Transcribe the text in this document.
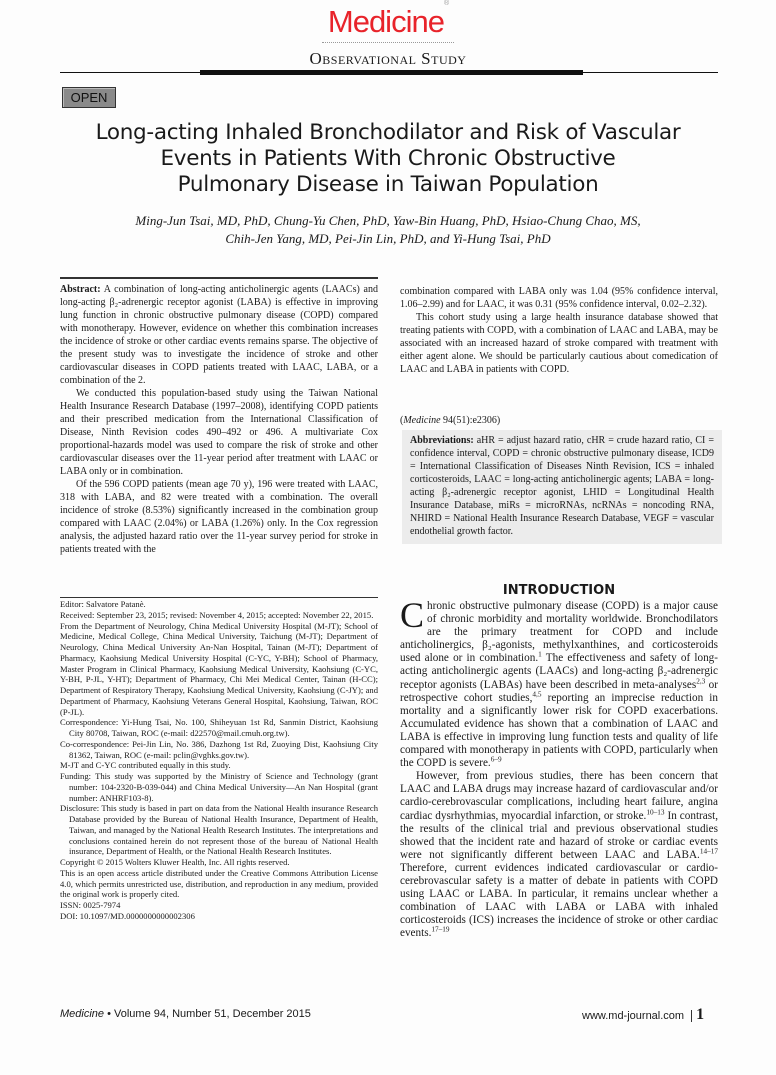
Medicine®
Observational Study
OPEN
Long-acting Inhaled Bronchodilator and Risk of Vascular
Events in Patients With Chronic Obstructive
Pulmonary Disease in Taiwan Population
Ming-Jun Tsai, MD, PhD, Chung-Yu Chen, PhD, Yaw-Bin Huang, PhD, Hsiao-Chung Chao, MS,
Chih-Jen Yang, MD, Pei-Jin Lin, PhD, and Yi-Hung Tsai, PhD

Abstract: A combination of long-acting anticholinergic agents (LAACs) and long-acting β₂-adrenergic receptor agonist (LABA) is effective in improving lung function in chronic obstructive pulmonary disease (COPD) compared with monotherapy. However, evidence on whether this combination increases the incidence of stroke or other cardiac events remains sparse. The objective of the present study was to investigate the incidence of stroke and other cardiovascular diseases in COPD patients treated with LAAC, LABA, or a combination of the 2.

We conducted this population-based study using the Taiwan National Health Insurance Research Database (1997–2008), identifying COPD patients and their prescribed medication from the International Classification of Disease, Ninth Revision codes 490–492 or 496. A multivariate Cox proportional-hazards model was used to compare the risk of stroke and other cardiovascular diseases over the 11-year period after treatment with LAAC or LABA only or in combination.

Of the 596 COPD patients (mean age 70 y), 196 were treated with LAAC, 318 with LABA, and 82 were treated with a combination. The overall incidence of stroke (8.53%) significantly increased in the combination group compared with LAAC (2.04%) or LABA (1.26%) only. In the Cox regression analysis, the adjusted hazard ratio over the 11-year survey period for stroke in patients treated with the

combination compared with LABA only was 1.04 (95% confidence interval, 1.06–2.99) and for LAAC, it was 0.31 (95% confidence interval, 0.02–2.32).

This cohort study using a large health insurance database showed that treating patients with COPD, with a combination of LAAC and LABA, may be associated with an increased hazard of stroke compared with treatment with either agent alone. We should be particularly cautious about comedication of LAAC and LABA in patients with COPD.

(Medicine 94(51):e2306)

Abbreviations: aHR = adjust hazard ratio, cHR = crude hazard ratio, CI = confidence interval, COPD = chronic obstructive pulmonary disease, ICD9 = International Classification of Diseases Ninth Revision, ICS = inhaled corticosteroids, LAAC = long-acting anticholinergic agents; LABA = long-acting β₂-adrenergic receptor agonist, LHID = Longitudinal Health Insurance Database, miRs = microRNAs, ncRNAs = noncoding RNA, NHIRD = National Health Insurance Research Database, VEGF = vascular endothelial growth factor.

Editor: Salvatore Patanè.

Received: September 23, 2015; revised: November 4, 2015; accepted: November 22, 2015.

From the Department of Neurology, China Medical University Hospital (M-JT); School of Medicine, Medical College, China Medical University, Taichung (M-JT); Department of Neurology, China Medical University An-Nan Hospital, Tainan (M-JT); Department of Pharmacy, Kaohsiung Medical University Hospital (C-YC, Y-BH); School of Pharmacy, Master Program in Clinical Pharmacy, Kaohsiung Medical University, Kaohsiung (C-YC, Y-BH, P-JL, Y-HT); Department of Pharmacy, Chi Mei Medical Center, Tainan (H-CC); Department of Respiratory Therapy, Kaohsiung Medical University, Kaohsiung (C-JY); and Department of Pharmacy, Kaohsiung Veterans General Hospital, Kaohsiung, Taiwan, ROC (P-JL).

Correspondence: Yi-Hung Tsai, No. 100, Shiheyuan 1st Rd, Sanmin District, Kaohsiung City 80708, Taiwan, ROC (e-mail: d22570@mail.cmuh.org.tw).

Co-correspondence: Pei-Jin Lin, No. 386, Dazhong 1st Rd, Zuoying Dist, Kaohsiung City 81362, Taiwan, ROC (e-mail: pclin@vghks.gov.tw).

M-JT and C-YC contributed equally in this study.

Funding: This study was supported by the Ministry of Science and Technology (grant number: 104-2320-B-039-044) and China Medical University—An Nan Hospital (grant number: ANHRF103-8).

Disclosure: This study is based in part on data from the National Health insurance Research Database provided by the Bureau of National Health Insurance, Department of Health, Taiwan, and managed by the National Health Research Institutes. The interpretations and conclusions contained herein do not represent those of the bureau of National Health insurance, Department of Health, or the National Health Research Institutes.

Copyright © 2015 Wolters Kluwer Health, Inc. All rights reserved.

This is an open access article distributed under the Creative Commons Attribution License 4.0, which permits unrestricted use, distribution, and reproduction in any medium, provided the original work is properly cited.

ISSN: 0025-7974

DOI: 10.1097/MD.0000000000002306

INTRODUCTION

Chronic obstructive pulmonary disease (COPD) is a major cause of chronic morbidity and mortality worldwide. Bronchodilators are the primary treatment for COPD and include anticholinergics, β₂-agonists, methylxanthines, and corticosteroids used alone or in combination.$^1$ The effectiveness and safety of long-acting anticholinergic agents (LAACs) and long-acting β₂-adrenergic receptor agonists (LABAs) have been described in meta-analyses$^{2,3}$ or retrospective cohort studies,$^{4,5}$ reporting an imprecise reduction in mortality and a significantly lower risk for COPD exacerbations. Accumulated evidence has shown that a combination of LAAC and LABA is effective in improving lung function tests and quality of life compared with monotherapy in patients with COPD, particularly when the COPD is severe.$^{6-9}$

However, from previous studies, there has been concern that LAAC and LABA drugs may increase hazard of cardiovascular and/or cardio-cerebrovascular complications, including heart failure, angina cardiac dysrhythmias, myocardial infarction, or stroke.$^{10-13}$ In contrast, the results of the clinical trial and previous observational studies showed that the incident rate and hazard of stroke or cardiac events were not significantly different between LAAC and LABA.$^{14-17}$ Therefore, current evidences indicated cardiovascular or cardio-cerebrovascular safety is a matter of debate in patients with COPD using LAAC or LABA. In particular, it remains unclear whether a combination of LAAC with LABA or LABA with inhaled corticosteroids (ICS) increases the incidence of stroke or other cardiac events.$^{17-19}$

Medicine • Volume 94, Number 51, December 2015	www.md-journal.com 1
